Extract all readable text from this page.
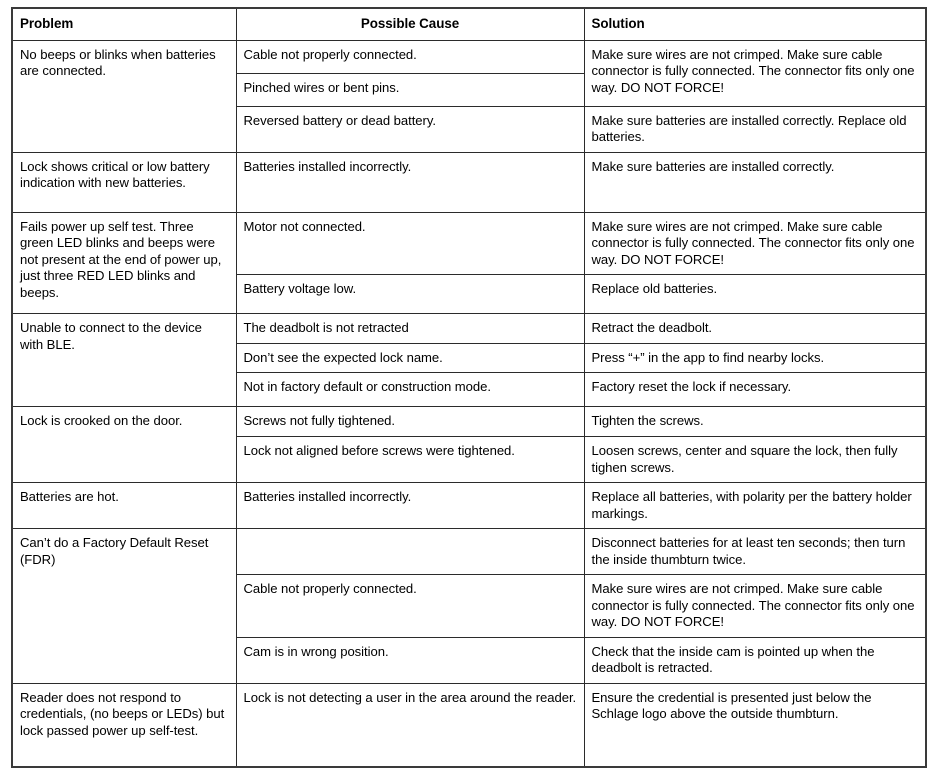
Problem	Possible Cause	Solution
No beeps or blinks when batteries are connected.	Cable not properly connected.	Make sure wires are not crimped. Make sure cable connector is fully connected. The connector fits only one way. DO NOT FORCE!
	Pinched wires or bent pins.	
	Reversed battery or dead battery.	Make sure batteries are installed correctly. Replace old batteries.
Lock shows critical or low battery indication with new batteries.	Batteries installed incorrectly.	Make sure batteries are installed correctly.
Fails power up self test. Three green LED blinks and beeps were not present at the end of power up, just three RED LED blinks and beeps.	Motor not connected.	Make sure wires are not crimped. Make sure cable connector is fully connected. The connector fits only one way. DO NOT FORCE!
	Battery voltage low.	Replace old batteries.
Unable to connect to the device with BLE.	The deadbolt is not retracted	Retract the deadbolt.
	Don’t see the expected lock name.	Press “+” in the app to find nearby locks.
	Not in factory default or construction mode.	Factory reset the lock if necessary.
Lock is crooked on the door.	Screws not fully tightened.	Tighten the screws.
	Lock not aligned before screws were tightened.	Loosen screws, center and square the lock, then fully tighen screws.
Batteries are hot.	Batteries installed incorrectly.	Replace all batteries, with polarity per the battery holder markings.
Can’t do a Factory Default Reset (FDR)		Disconnect batteries for at least ten seconds; then turn the inside thumbturn twice.
	Cable not properly connected.	Make sure wires are not crimped. Make sure cable connector is fully connected. The connector fits only one way. DO NOT FORCE!
	Cam is in wrong position.	Check that the inside cam is pointed up when the deadbolt is retracted.
Reader does not respond to credentials, (no beeps or LEDs) but lock passed power up self-test.	Lock is not detecting a user in the area around the reader.	Ensure the credential is presented just below the Schlage logo above the outside thumbturn.
